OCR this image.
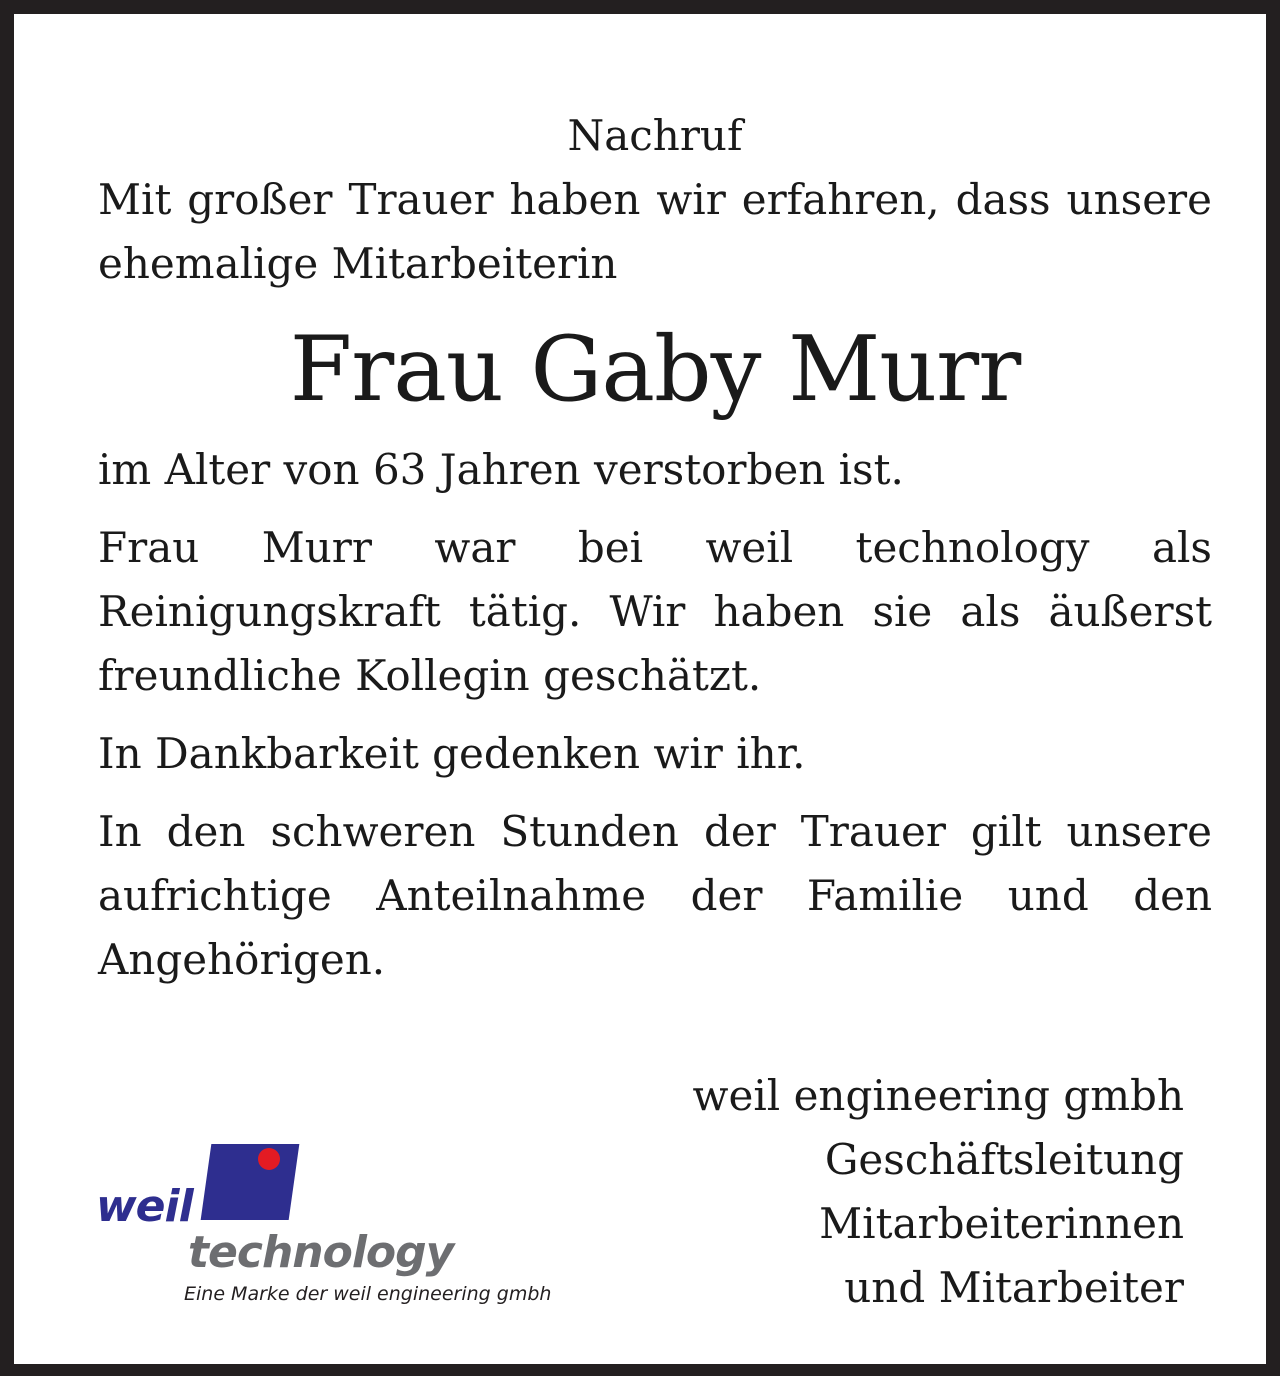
Nachruf

Mit großer Trauer haben wir erfahren, dass unsere ehemalige Mitarbeiterin

Frau Gaby Murr

im Alter von 63 Jahren verstorben ist.

Frau Murr war bei weil technology als Reinigungskraft tätig. Wir haben sie als äußerst freundliche Kollegin geschätzt.

In Dankbarkeit gedenken wir ihr.

In den schweren Stunden der Trauer gilt unsere aufrichtige Anteilnahme der Familie und den Angehörigen.

weil engineering gmbh
Geschäftsleitung
Mitarbeiterinnen
und Mitarbeiter
weil
technology
Eine Marke der weil engineering gmbh
